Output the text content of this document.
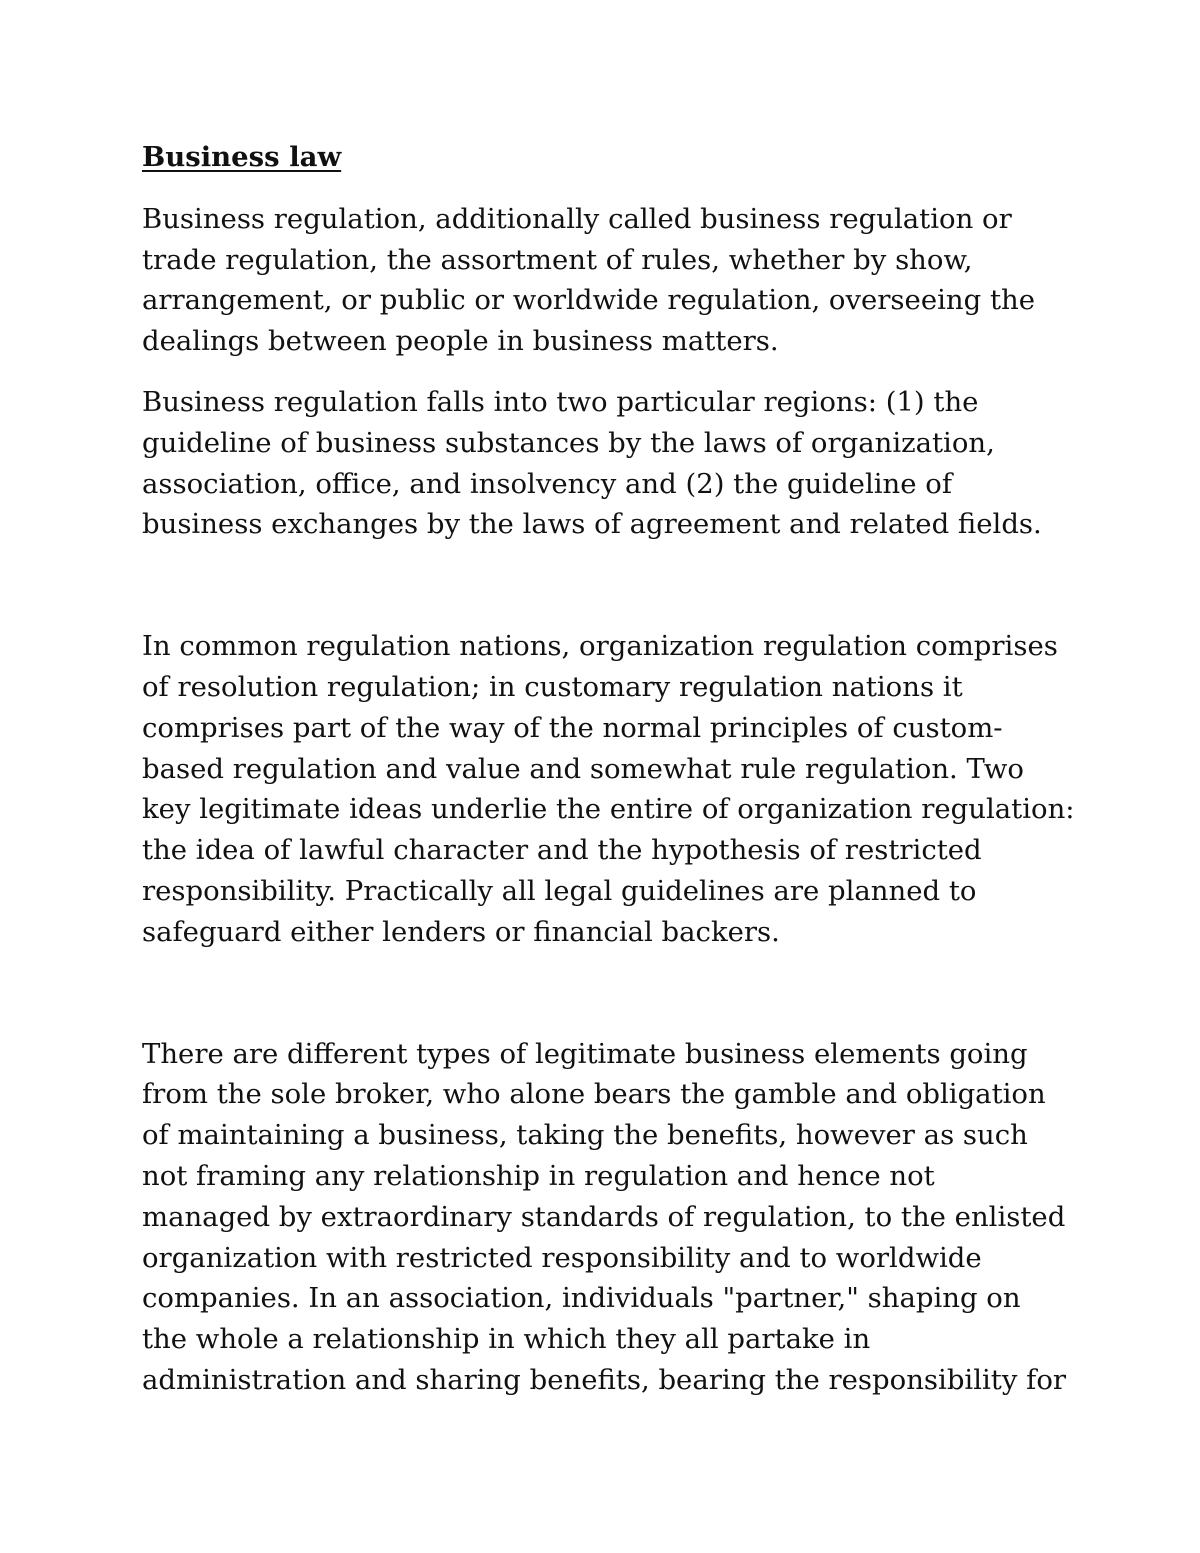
Business law

Business regulation, additionally called business regulation or
trade regulation, the assortment of rules, whether by show,
arrangement, or public or worldwide regulation, overseeing the
dealings between people in business matters.

Business regulation falls into two particular regions: (1) the
guideline of business substances by the laws of organization,
association, office, and insolvency and (2) the guideline of
business exchanges by the laws of agreement and related fields.

In common regulation nations, organization regulation comprises
of resolution regulation; in customary regulation nations it
comprises part of the way of the normal principles of custom-
based regulation and value and somewhat rule regulation. Two
key legitimate ideas underlie the entire of organization regulation:
the idea of lawful character and the hypothesis of restricted
responsibility. Practically all legal guidelines are planned to
safeguard either lenders or financial backers.

There are different types of legitimate business elements going
from the sole broker, who alone bears the gamble and obligation
of maintaining a business, taking the benefits, however as such
not framing any relationship in regulation and hence not
managed by extraordinary standards of regulation, to the enlisted
organization with restricted responsibility and to worldwide
companies. In an association, individuals "partner," shaping on
the whole a relationship in which they all partake in
administration and sharing benefits, bearing the responsibility for
